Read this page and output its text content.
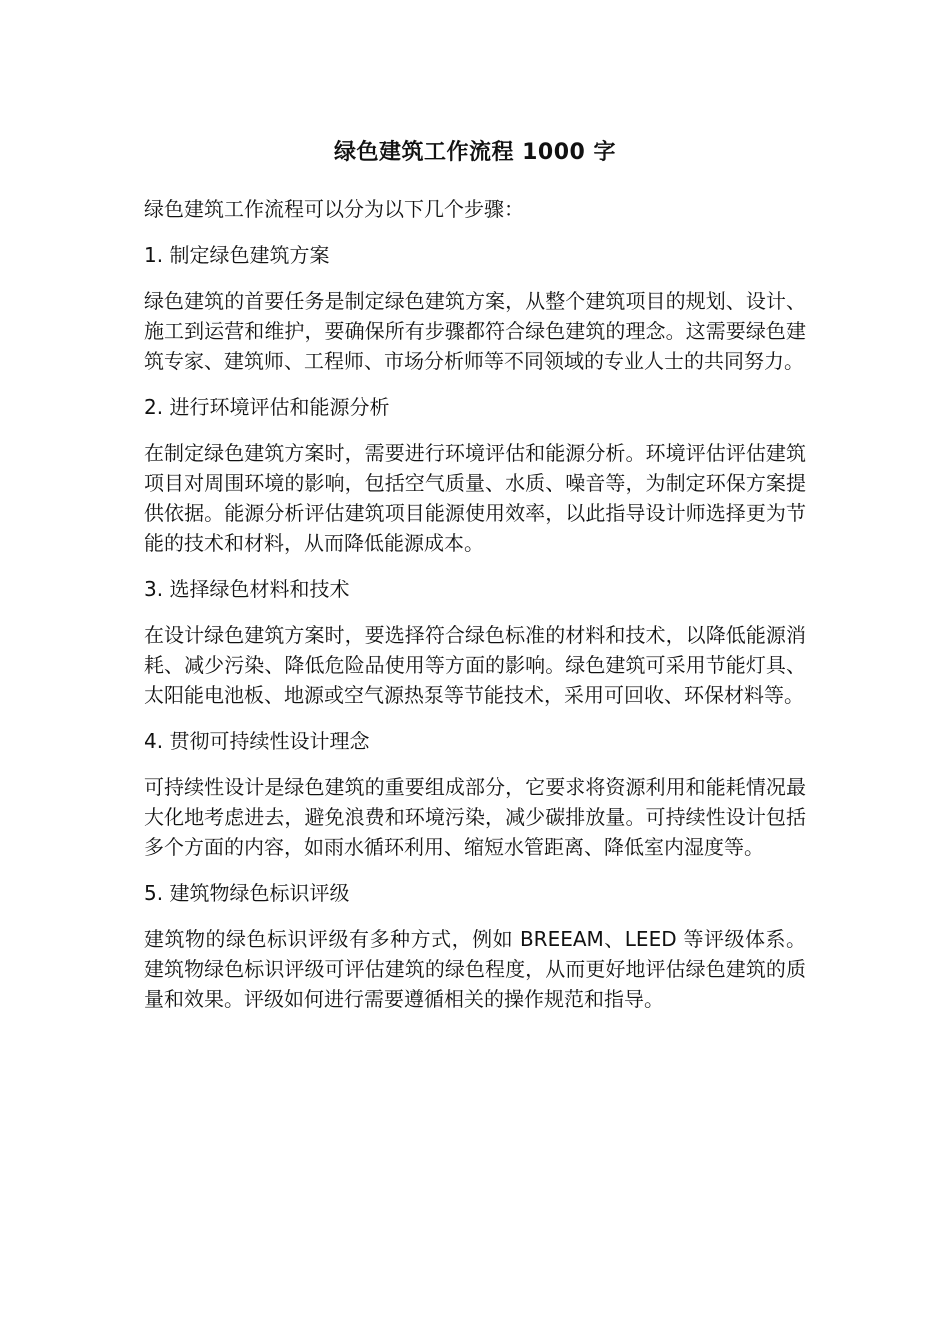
绿色建筑工作流程 1000 字

绿色建筑工作流程可以分为以下几个步骤：

1. 制定绿色建筑方案

绿色建筑的首要任务是制定绿色建筑方案，从整个建筑项目的规划、设计、施工到运营和维护，要确保所有步骤都符合绿色建筑的理念。这需要绿色建筑专家、建筑师、工程师、市场分析师等不同领域的专业人士的共同努力。

2. 进行环境评估和能源分析

在制定绿色建筑方案时，需要进行环境评估和能源分析。环境评估评估建筑项目对周围环境的影响，包括空气质量、水质、噪音等，为制定环保方案提供依据。能源分析评估建筑项目能源使用效率，以此指导设计师选择更为节能的技术和材料，从而降低能源成本。

3. 选择绿色材料和技术

在设计绿色建筑方案时，要选择符合绿色标准的材料和技术，以降低能源消耗、减少污染、降低危险品使用等方面的影响。绿色建筑可采用节能灯具、太阳能电池板、地源或空气源热泵等节能技术，采用可回收、环保材料等。

4. 贯彻可持续性设计理念

可持续性设计是绿色建筑的重要组成部分，它要求将资源利用和能耗情况最大化地考虑进去，避免浪费和环境污染，减少碳排放量。可持续性设计包括多个方面的内容，如雨水循环利用、缩短水管距离、降低室内湿度等。

5. 建筑物绿色标识评级

建筑物的绿色标识评级有多种方式，例如 BREEAM、LEED 等评级体系。建筑物绿色标识评级可评估建筑的绿色程度，从而更好地评估绿色建筑的质量和效果。评级如何进行需要遵循相关的操作规范和指导。
